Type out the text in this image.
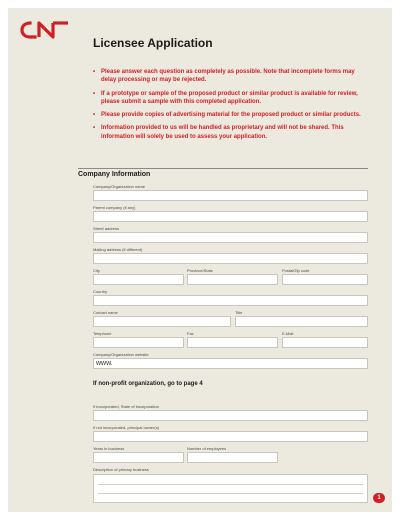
Licensee Application
• Please answer each question as completely as possible. Note that incomplete forms may delay processing or may be rejected.
• If a prototype or sample of the proposed product or similar product is available for review, please submit a sample with this completed application.
• Please provide copies of advertising material for the proposed product or similar products.
• Information provided to us will be handled as proprietary and will not be shared. This information will solely be used to assess your application.
Company Information
Company/Organization name
Parent company (if any)
Street address
Mailing address (if different)
City	Province/State	Postal/Zip code
Country
Contact name	Title
Telephone	Fax	E-Mail
Company/Organization website
www.
If non-profit organization, go to page 4
If incorporated, State of incorporation
If not incorporated, principal owner(s)
Years in business	Number of employees
Description of primary business
1
